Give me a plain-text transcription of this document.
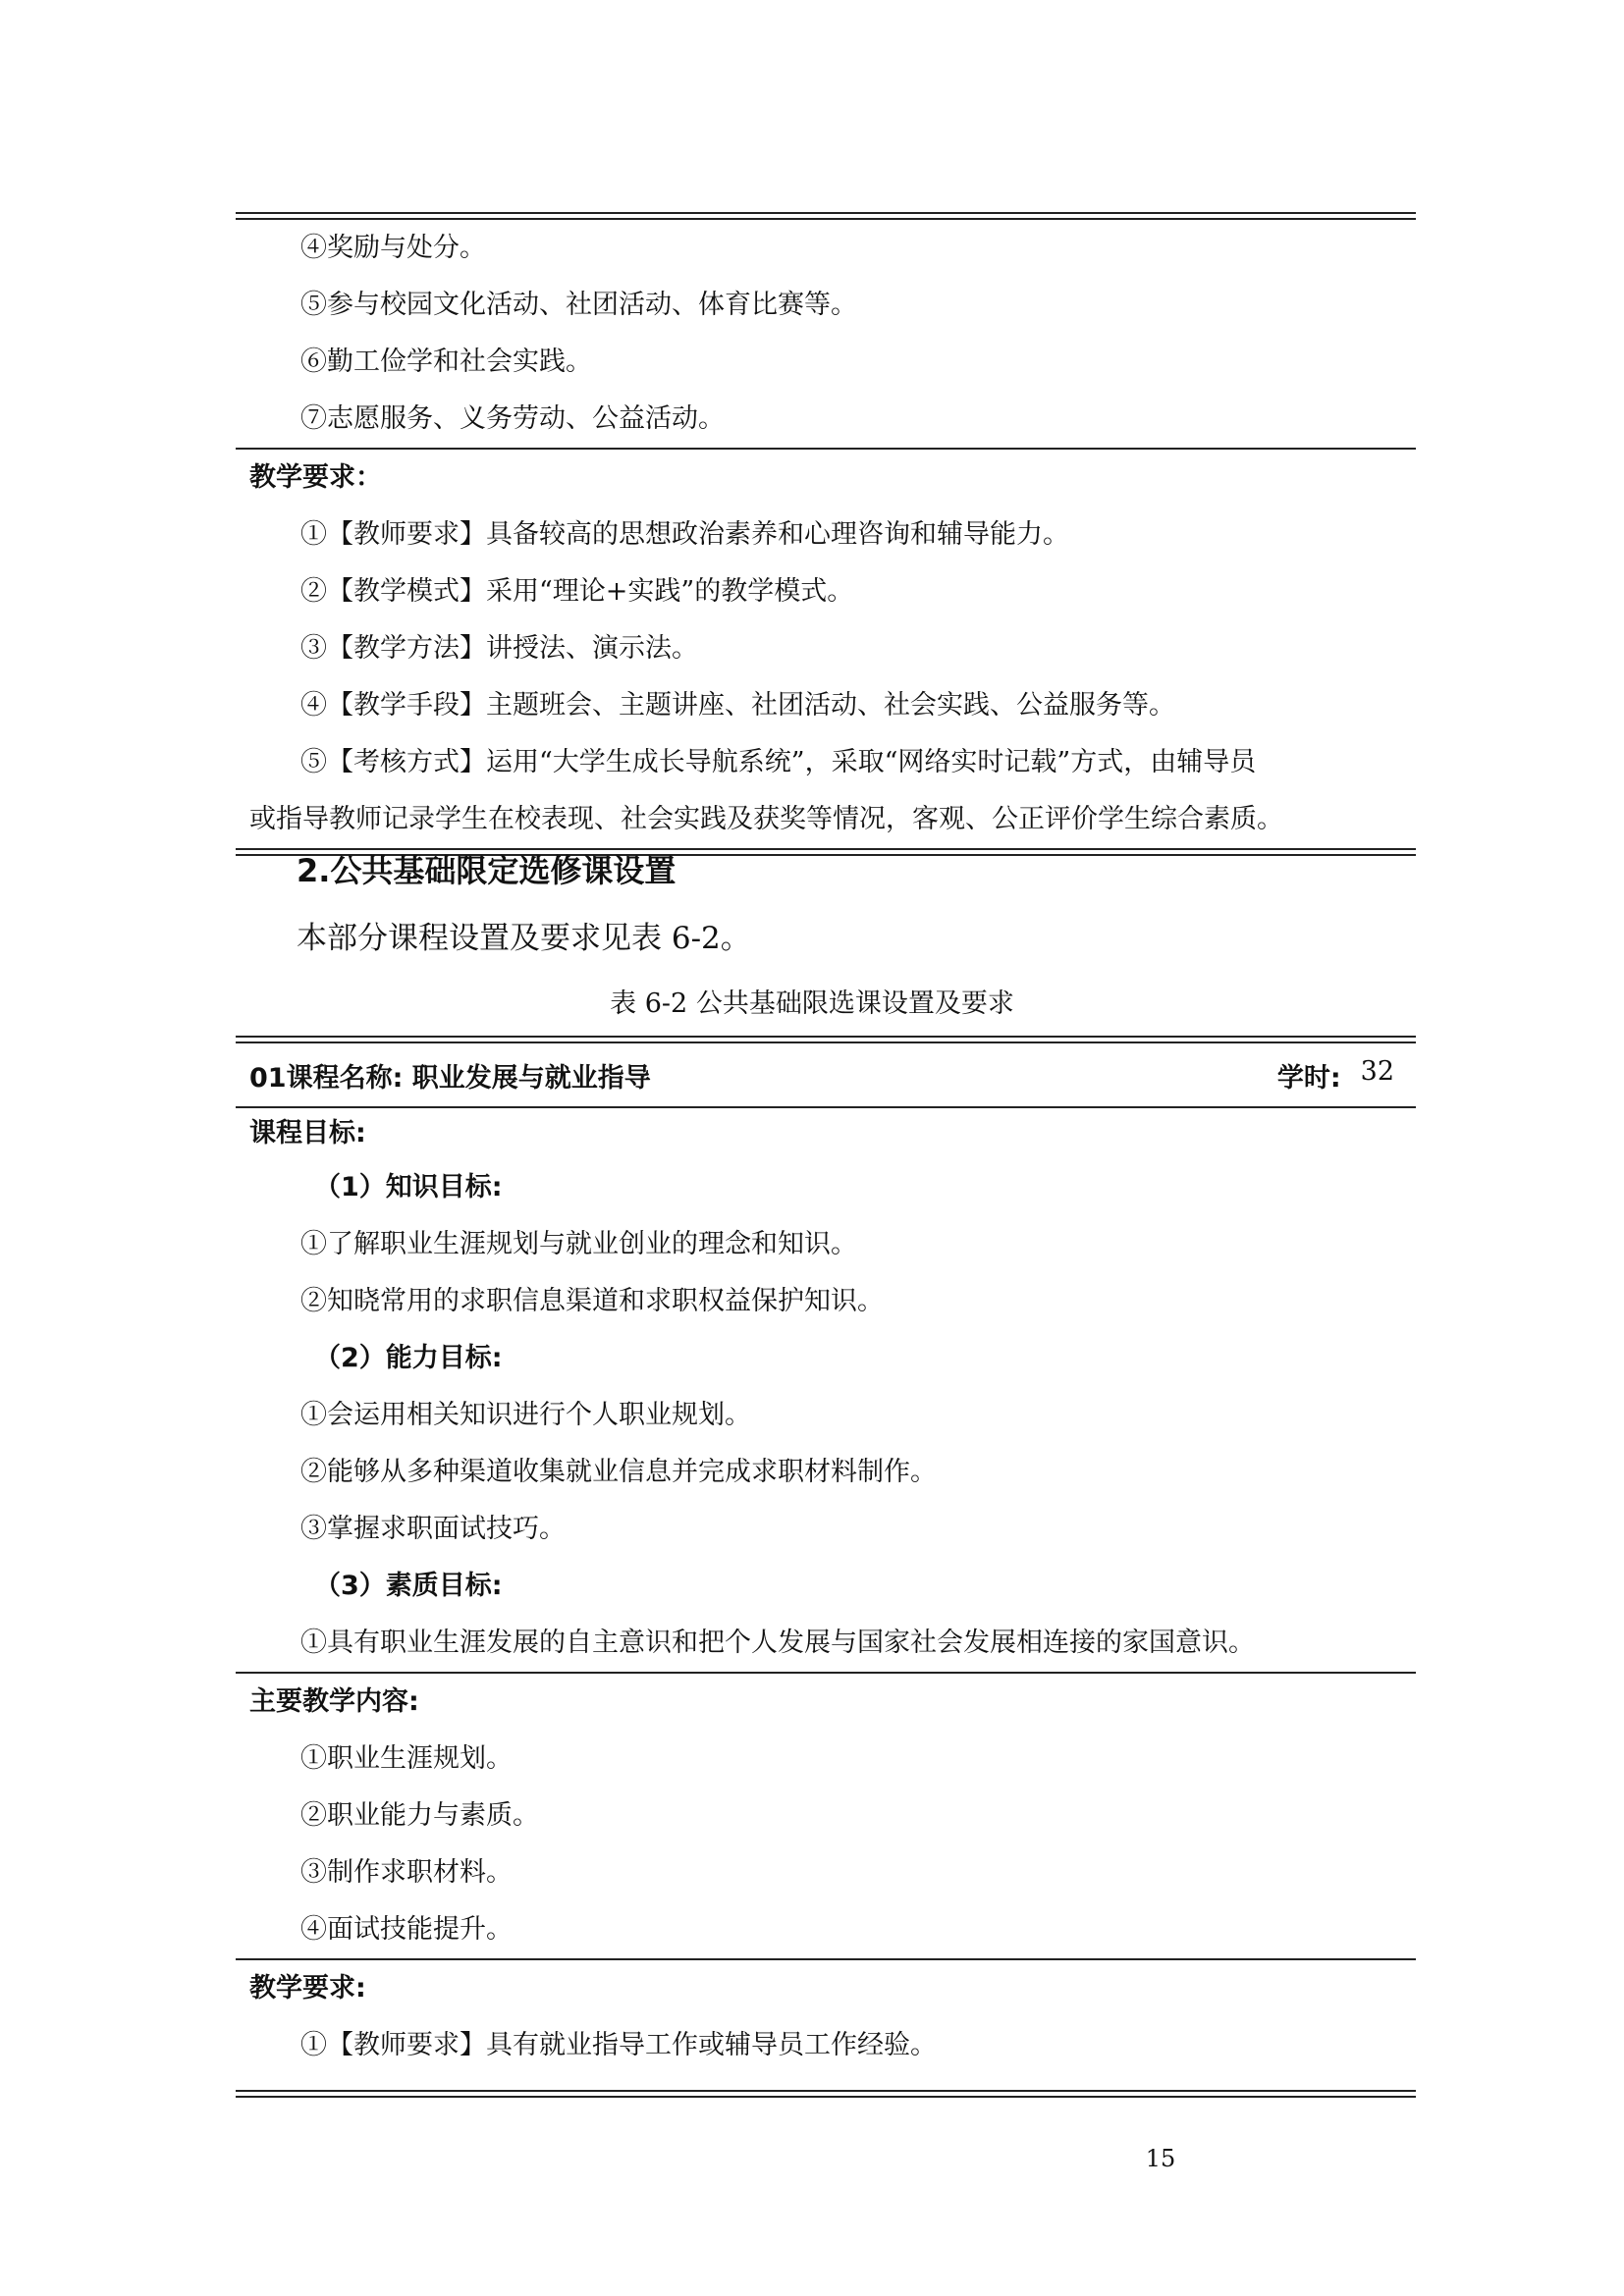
④奖励与处分。
⑤参与校园文化活动、社团活动、体育比赛等。
⑥勤工俭学和社会实践。
⑦志愿服务、义务劳动、公益活动。
教学要求：
①【教师要求】具备较高的思想政治素养和心理咨询和辅导能力。
②【教学模式】采用“理论+实践”的教学模式。
③【教学方法】讲授法、演示法。
④【教学手段】主题班会、主题讲座、社团活动、社会实践、公益服务等。
⑤【考核方式】运用“大学生成长导航系统”，采取“网络实时记载”方式，由辅导员
或指导教师记录学生在校表现、社会实践及获奖等情况，客观、公正评价学生综合素质。
2.公共基础限定选修课设置
本部分课程设置及要求见表 6-2。
表 6-2 公共基础限选课设置及要求
01课程名称: 职业发展与就业指导	学时: 32
课程目标:
（1）知识目标:
①了解职业生涯规划与就业创业的理念和知识。
②知晓常用的求职信息渠道和求职权益保护知识。
（2）能力目标:
①会运用相关知识进行个人职业规划。
②能够从多种渠道收集就业信息并完成求职材料制作。
③掌握求职面试技巧。
（3）素质目标:
①具有职业生涯发展的自主意识和把个人发展与国家社会发展相连接的家国意识。
主要教学内容:
①职业生涯规划。
②职业能力与素质。
③制作求职材料。
④面试技能提升。
教学要求:
①【教师要求】具有就业指导工作或辅导员工作经验。
15
